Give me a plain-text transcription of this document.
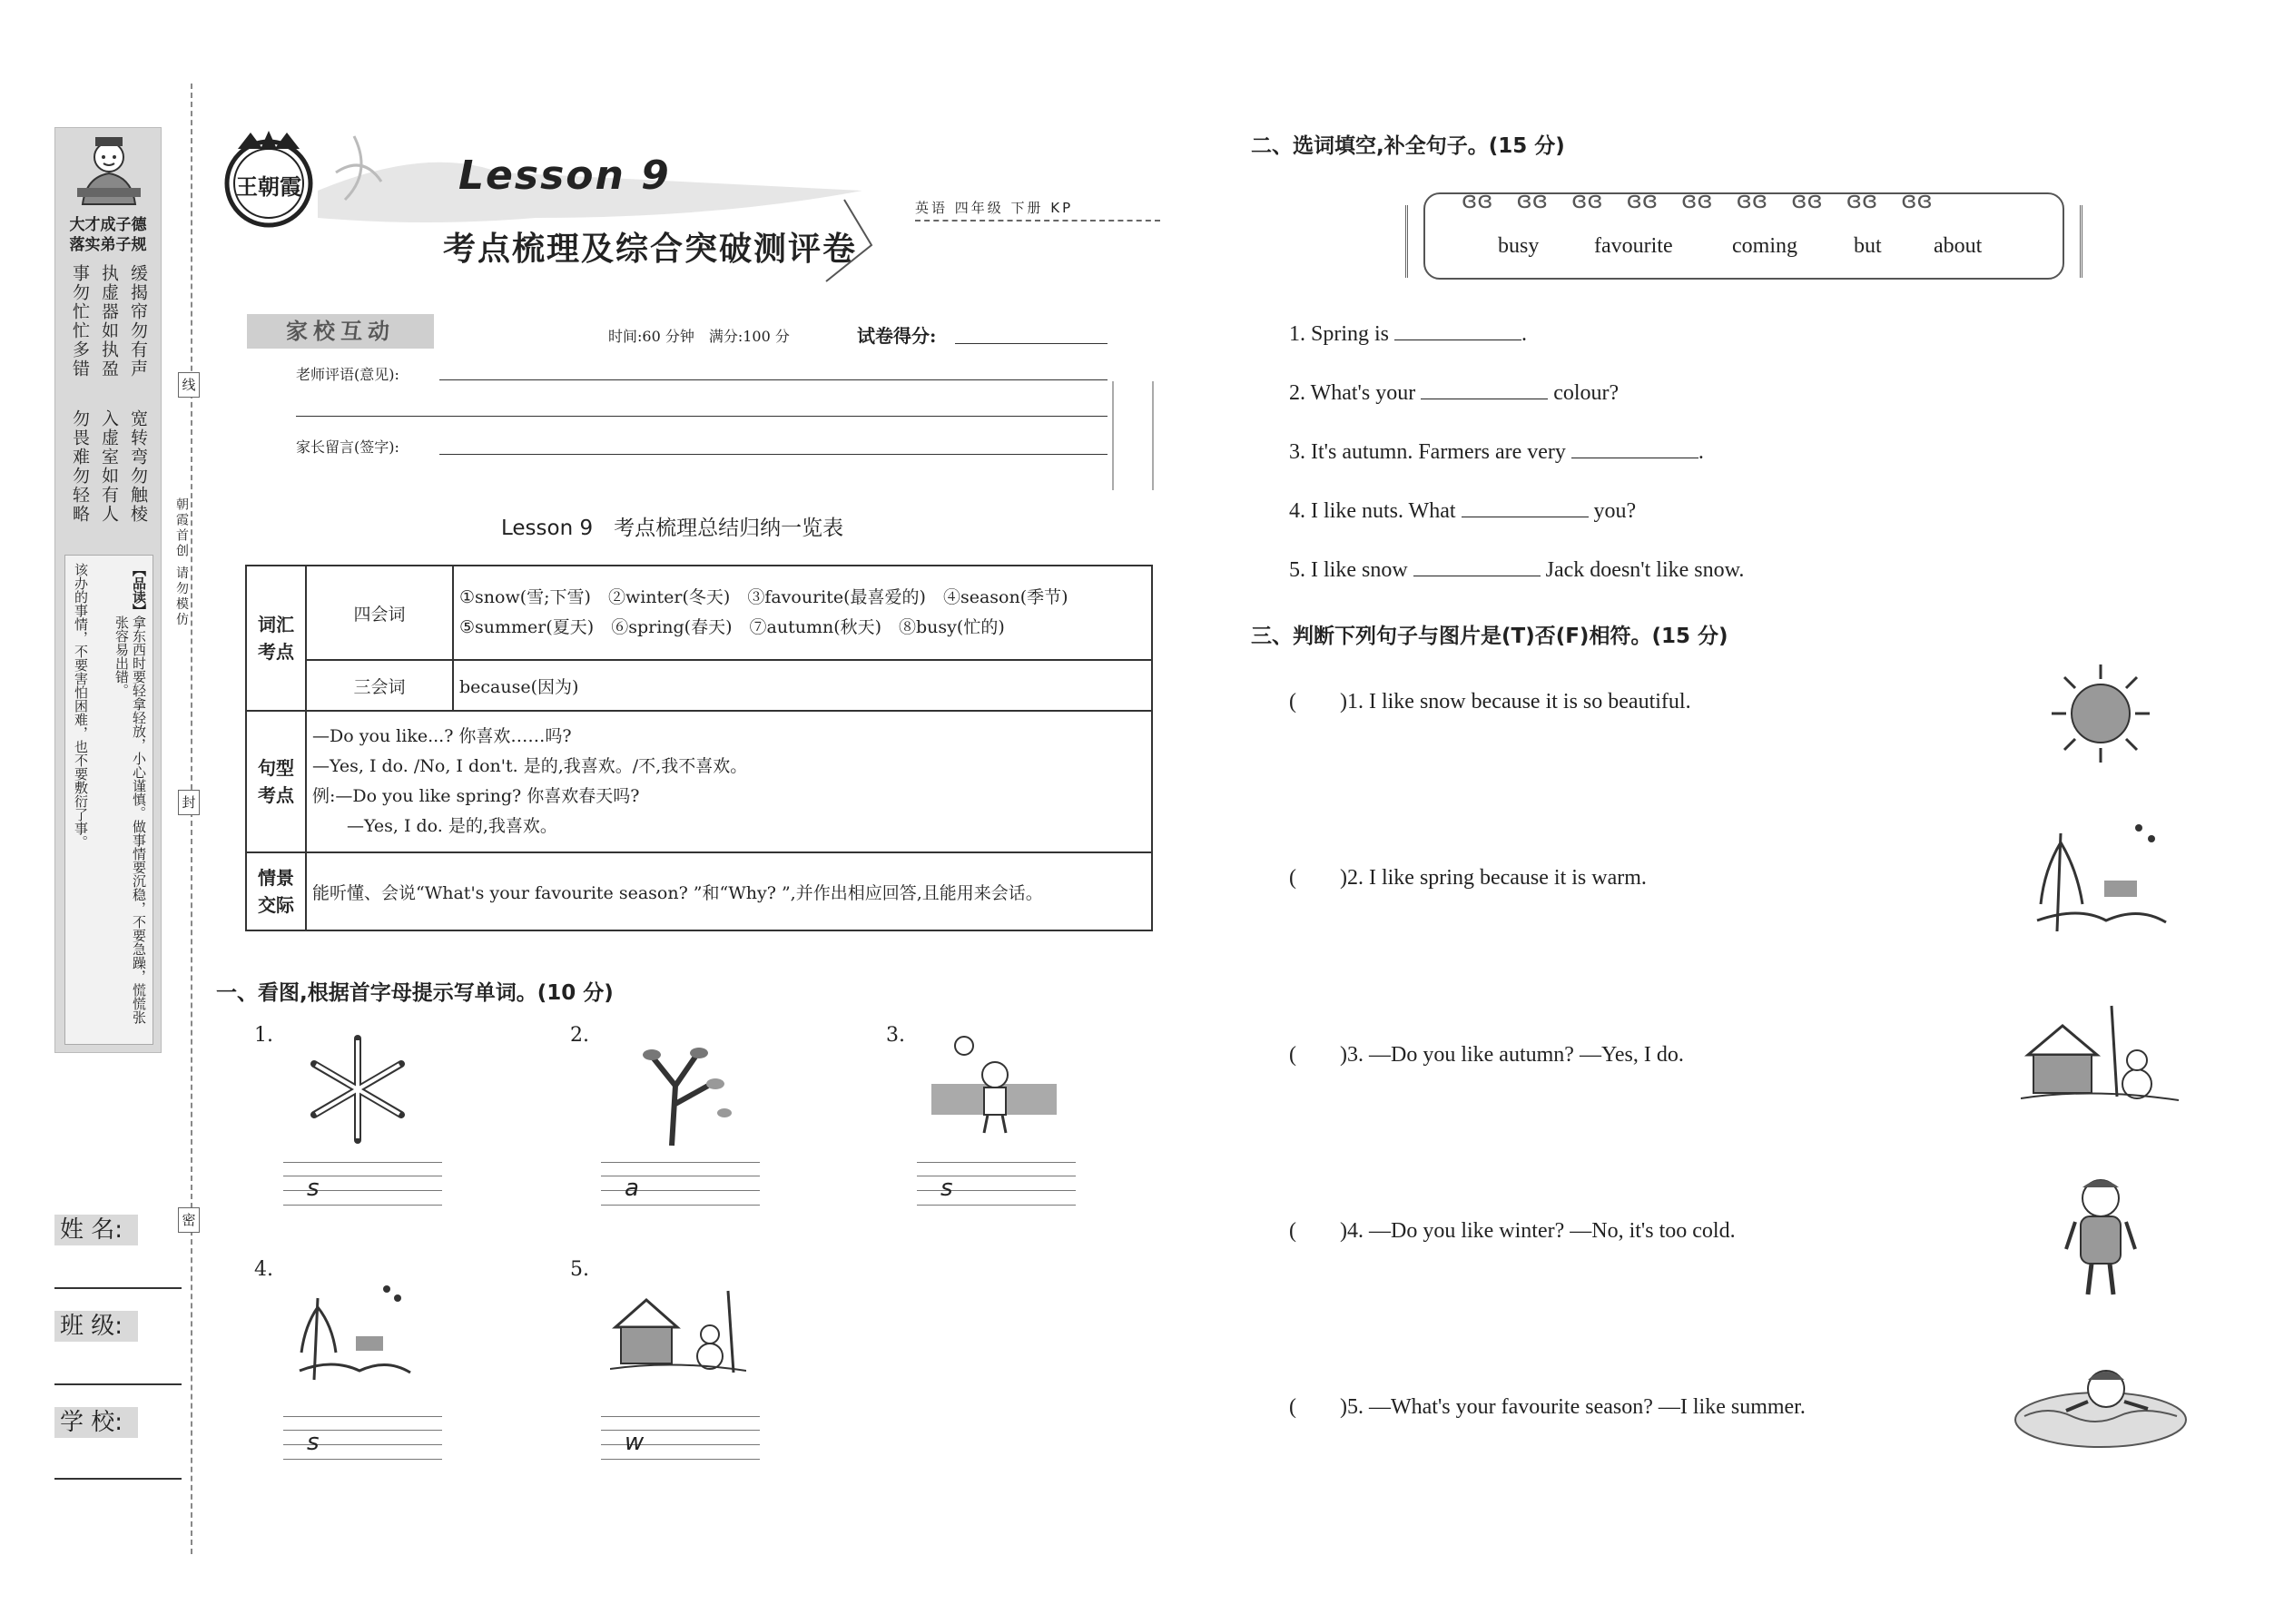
大才成子德
落实弟子规
事勿忙忙多错
勿畏难勿轻略
执虚器如执盈
入虚室如有人
缓揭帘勿有声
宽转弯勿触棱
【品读】
拿东西时要轻拿轻放，小心谨慎。做事情要沉稳，不要急躁，慌慌张张容易出错。
该办的事情，不要害怕困难，也不要敷衍了事。
线
封
密
朝霞首创 请勿模仿
姓 名:
班 级:
学 校:
王朝霞	Lesson 9
考点梳理及综合突破测评卷
英语 四年级 下册 KP
家校互动	时间:60 分钟　满分:100 分	试卷得分:
老师评语(意见):
家长留言(签字):
Lesson 9　考点梳理总结归纳一览表
词汇考点	四会词	①snow(雪;下雪)　②winter(冬天)　③favourite(最喜爱的)　④season(季节)
⑤summer(夏天)　⑥spring(春天)　⑦autumn(秋天)　⑧busy(忙的)

	三会词	because(因为)
句型考点	—Do you like...? 你喜欢……吗?
—Yes, I do. /No, I don't. 是的,我喜欢。/不,我不喜欢。
例:—Do you like spring? 你喜欢春天吗?
　　—Yes, I do. 是的,我喜欢。	

情景交际	能听懂、会说“What's your favourite season? ”和“Why? ”,并作出相应回答,且能用来会话。	
一、看图,根据首字母提示写单词。(10 分)
1.
s
2.
a
3.
s
4.
s
5.
w
二、选词填空,补全句子。(15 分)
ɞɞ　ɞɞ　ɞɞ　ɞɞ　ɞɞ　ɞɞ　ɞɞ　ɞɞ　ɞɞ
busy	favourite	coming	but about
1. Spring is	.
2. What's your	colour?
3. It's autumn. Farmers are very	.
4. I like nuts. What	you?
5. I like snow	Jack doesn't like snow.
三、判断下列句子与图片是(T)否(F)相符。(15 分)
(　　)1. I like snow because it is so beautiful.
(　　)2. I like spring because it is warm.
(　　)3. —Do you like autumn? —Yes, I do.
(　　)4. —Do you like winter? —No, it's too cold.
(　　)5. —What's your favourite season? —I like summer.
